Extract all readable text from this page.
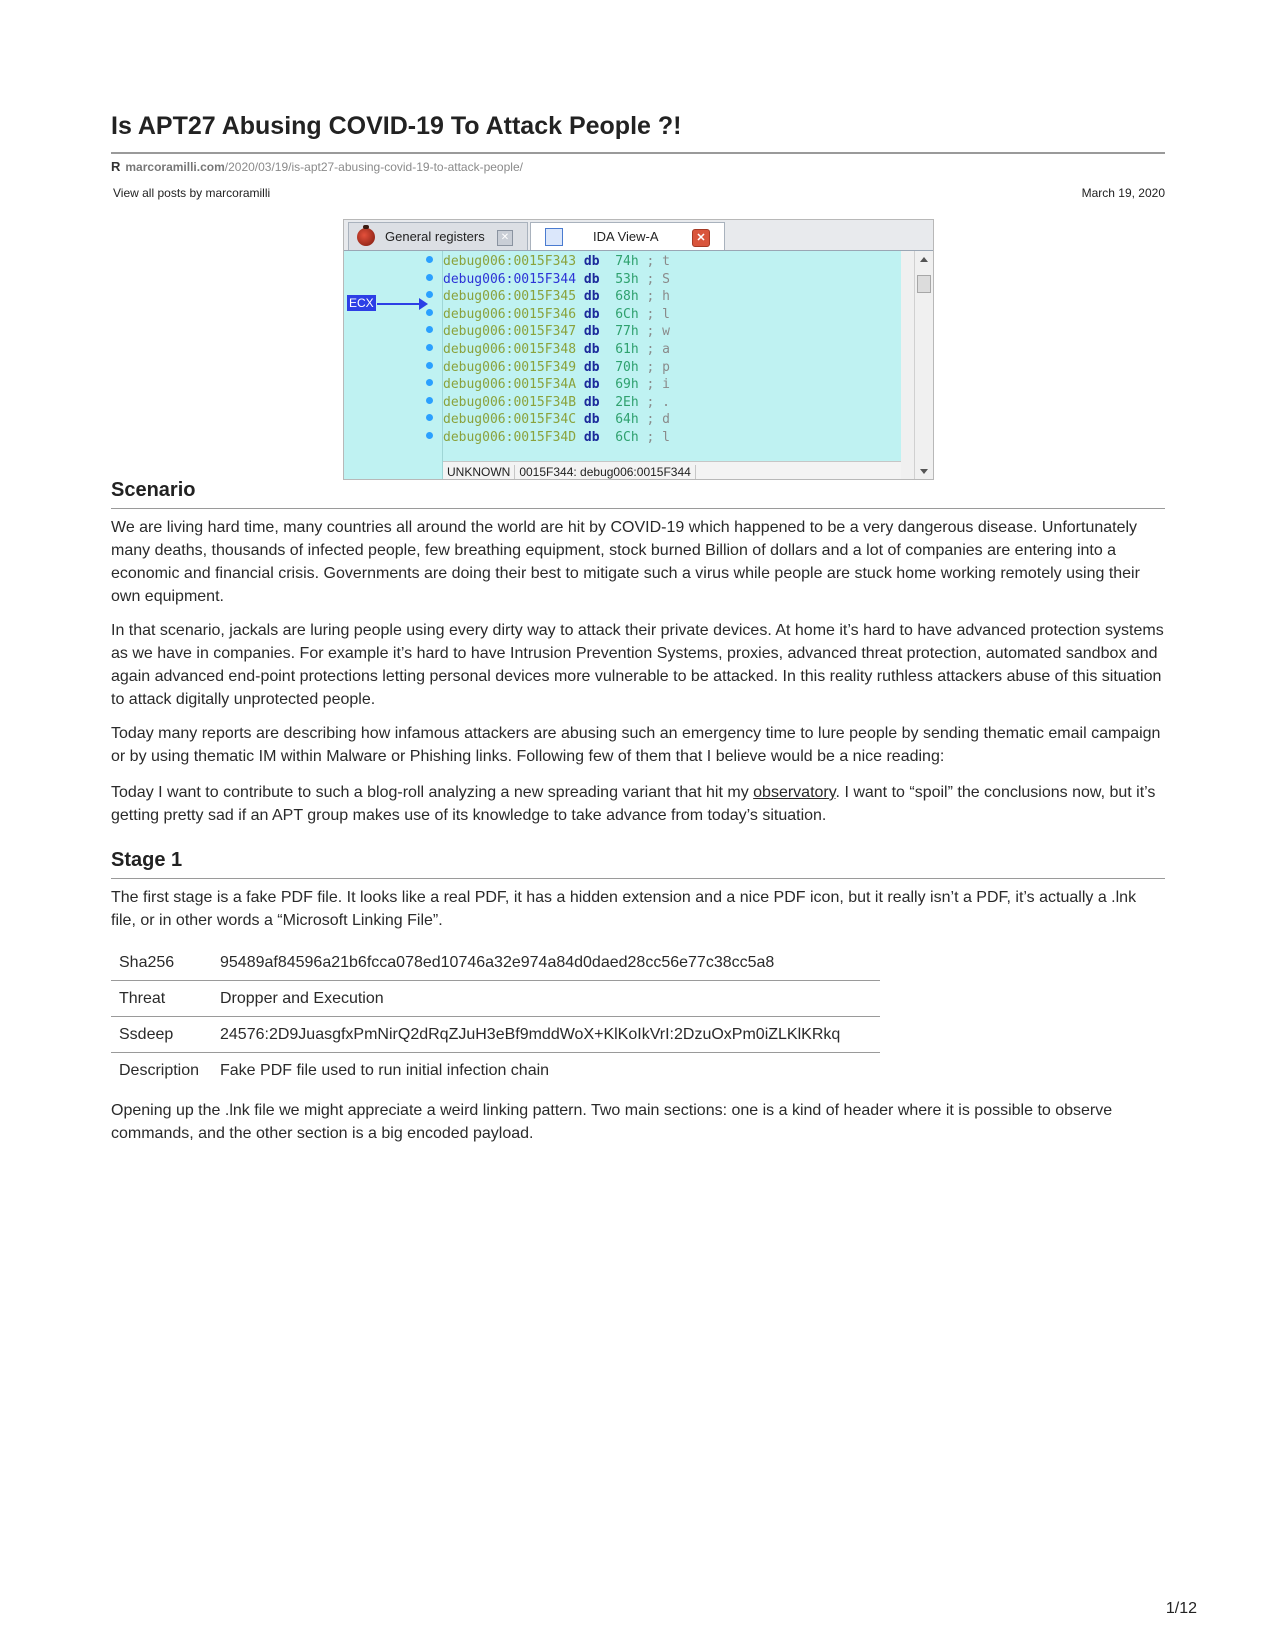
Is APT27 Abusing COVID-19 To Attack People ?!
R marcoramilli.com /2020/03/19/is-apt27-abusing-covid-19-to-attack-people/
View all posts by marcoramilli	March 19, 2020
General registers	✕	IDA View-A	✕
ECX
debug006:0015F343 db 74h ; t
debug006:0015F344 db 53h ; S
debug006:0015F345 db 68h ; h
debug006:0015F346 db 6Ch ; l
debug006:0015F347 db 77h ; w
debug006:0015F348 db 61h ; a
debug006:0015F349 db 70h ; p
debug006:0015F34A db 69h ; i
debug006:0015F34B db 2Eh ; .
debug006:0015F34C db 64h ; d
debug006:0015F34D db 6Ch ; l
UNKNOWN 0015F344: debug006:0015F344
Scenario

We are living hard time, many countries all around the world are hit by COVID-19 which happened to be a very dangerous disease. Unfortunately many deaths, thousands of infected people, few breathing equipment, stock burned Billion of dollars and a lot of companies are entering into a economic and financial crisis. Governments are doing their best to mitigate such a virus while people are stuck home working remotely using their own equipment.

In that scenario, jackals are luring people using every dirty way to attack their private devices. At home it’s hard to have advanced protection systems as we have in companies. For example it’s hard to have Intrusion Prevention Systems, proxies, advanced threat protection, automated sandbox and again advanced end-point protections letting personal devices more vulnerable to be attacked. In this reality ruthless attackers abuse of this situation to attack digitally unprotected people.

Today many reports are describing how infamous attackers are abusing such an emergency time to lure people by sending thematic email campaign or by using thematic IM within Malware or Phishing links. Following few of them that I believe would be a nice reading:

Today I want to contribute to such a blog-roll analyzing a new spreading variant that hit my observatory. I want to “spoil” the conclusions now, but it’s getting pretty sad if an APT group makes use of its knowledge to take advance from today’s situation.

Stage 1

The first stage is a fake PDF file. It looks like a real PDF, it has a hidden extension and a nice PDF icon, but it really isn’t a PDF, it’s actually a .lnk file, or in other words a “Microsoft Linking File”.

Sha256	95489af84596a21b6fcca078ed10746a32e974a84d0daed28cc56e77c38cc5a8
Threat	Dropper and Execution
Ssdeep	24576:2D9JuasgfxPmNirQ2dRqZJuH3eBf9mddWoX+KlKoIkVrI:2DzuOxPm0iZLKlKRkq
Description	Fake PDF file used to run initial infection chain

Opening up the .lnk file we might appreciate a weird linking pattern. Two main sections: one is a kind of header where it is possible to observe commands, and the other section is a big encoded payload.

1/12
